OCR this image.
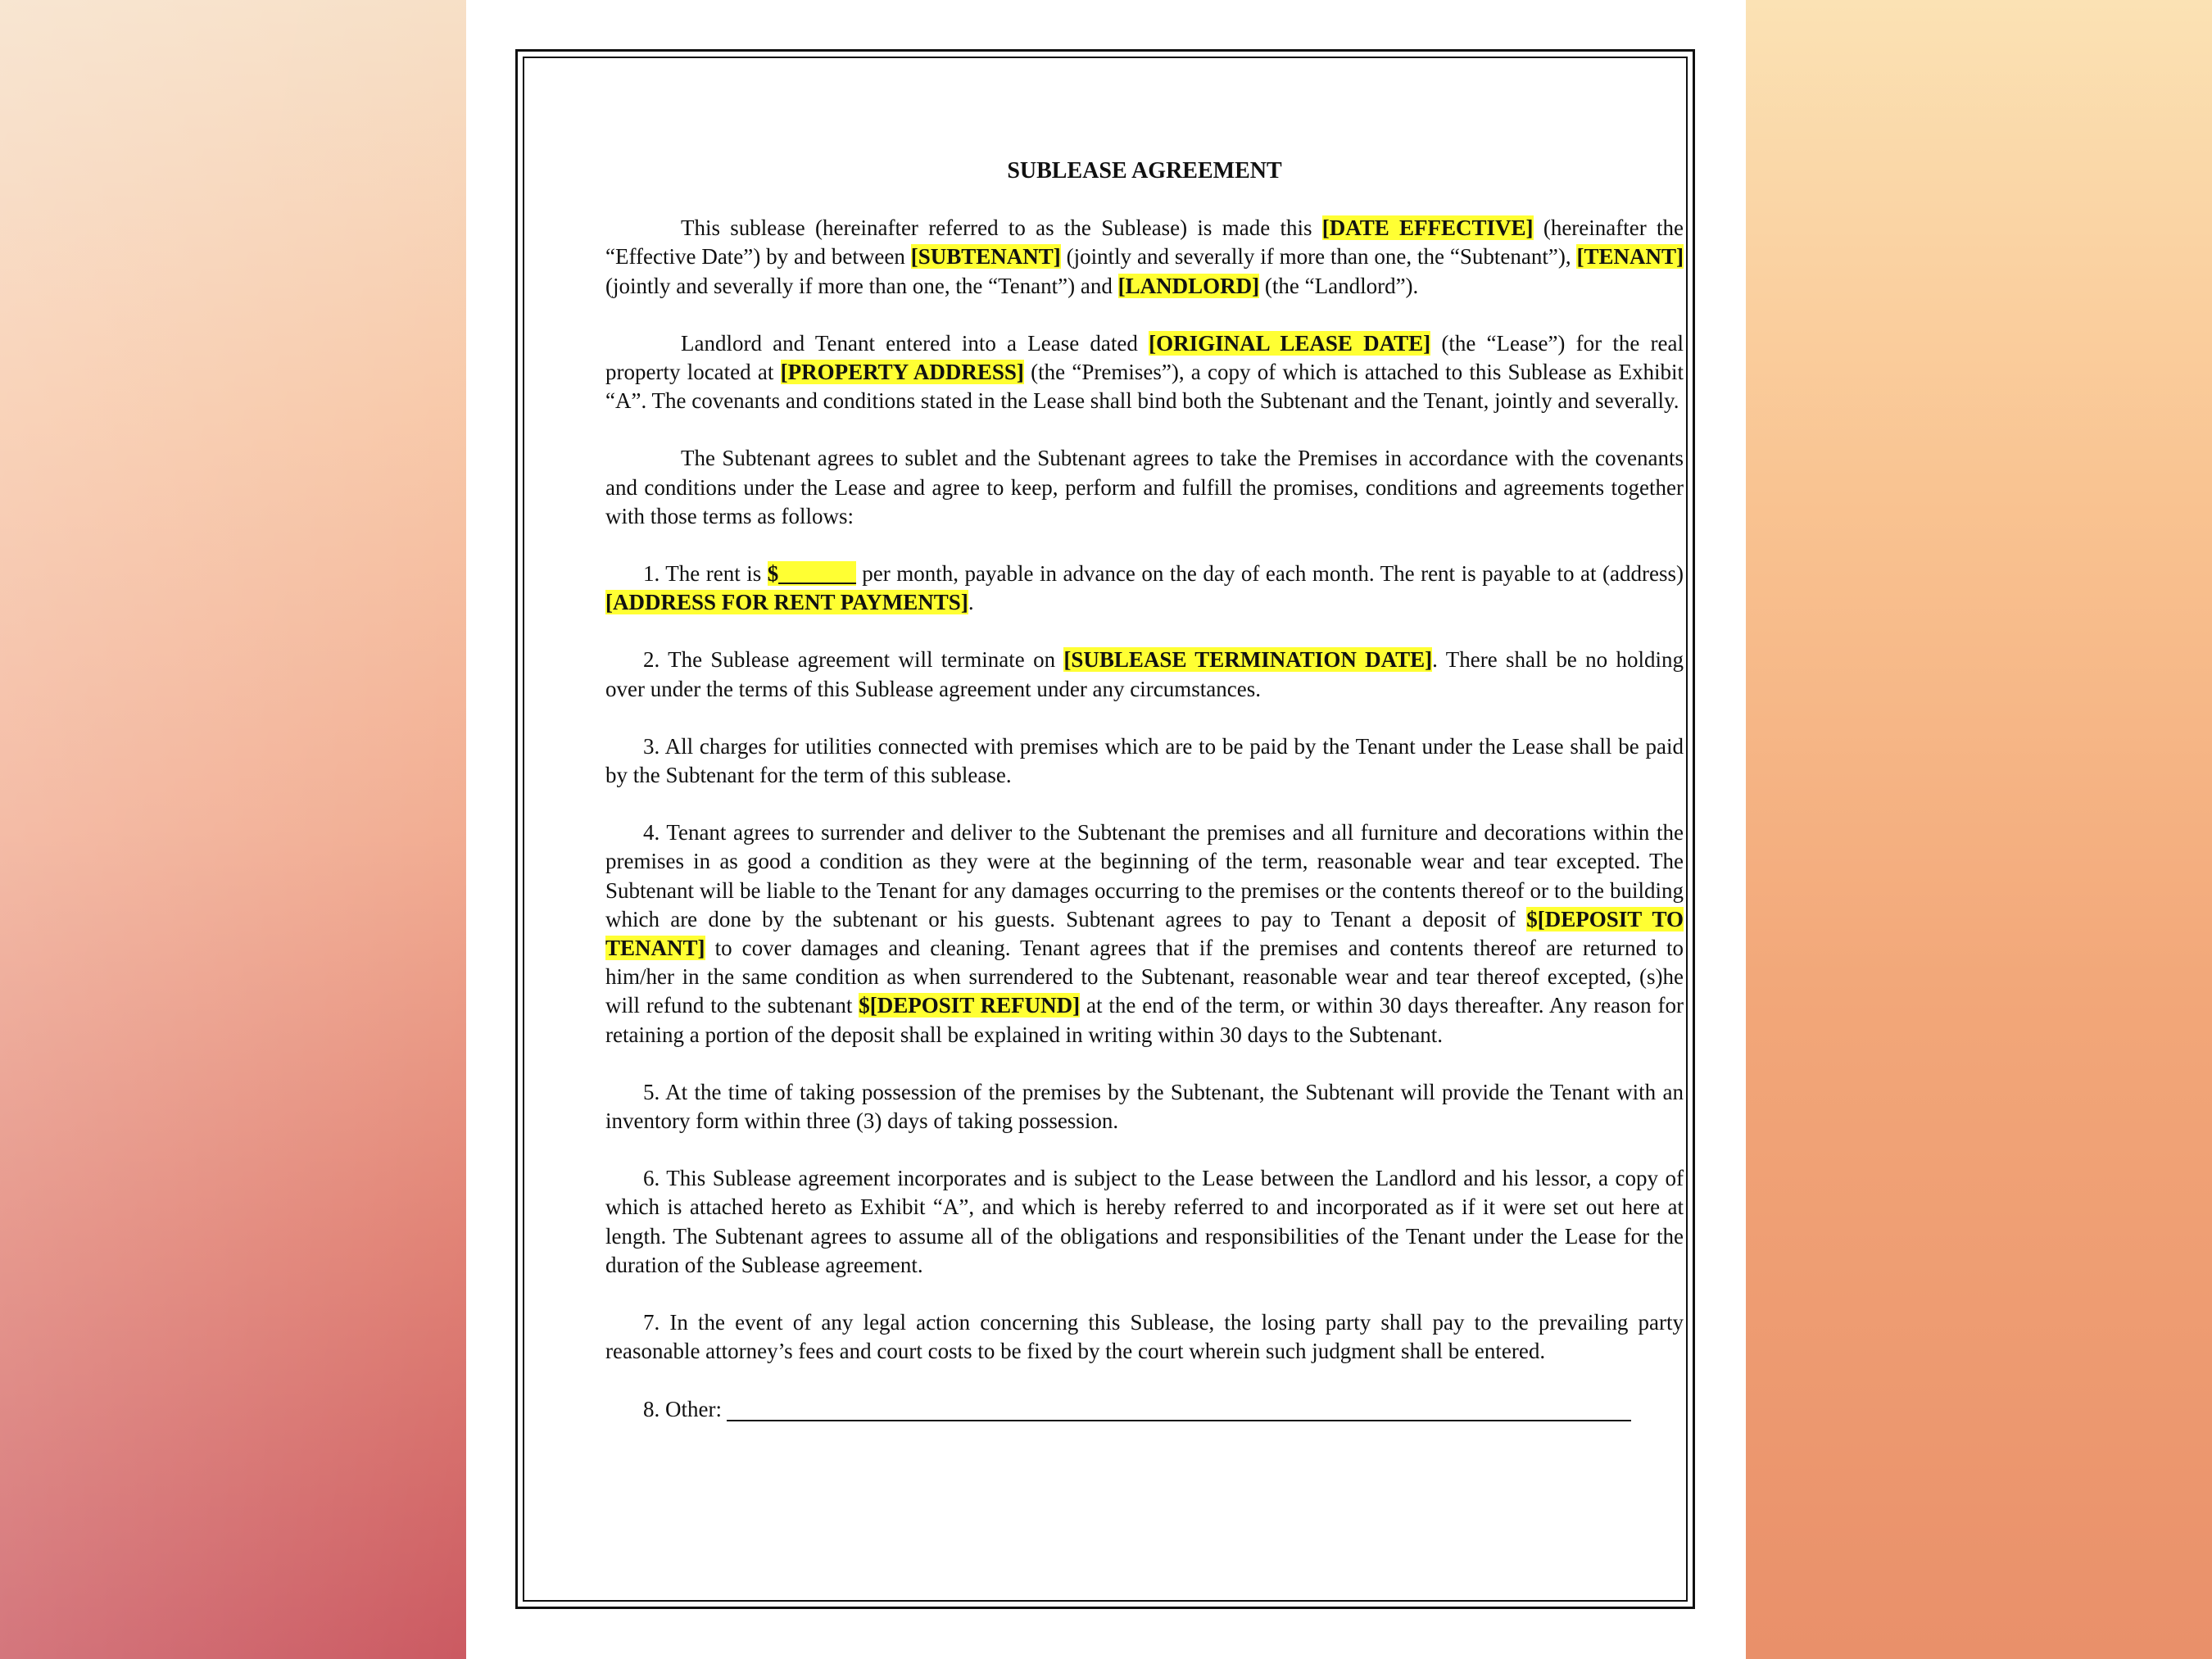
SUBLEASE AGREEMENT

This sublease (hereinafter referred to as the Sublease) is made this [DATE EFFECTIVE] (hereinafter the “Effective Date”) by and between [SUBTENANT] (jointly and severally if more than one, the “Subtenant”), [TENANT] (jointly and severally if more than one, the “Tenant”) and [LANDLORD] (the “Landlord”).

Landlord and Tenant entered into a Lease dated [ORIGINAL LEASE DATE] (the “Lease”) for the real property located at [PROPERTY ADDRESS] (the “Premises”), a copy of which is attached to this Sublease as Exhibit “A”. The covenants and conditions stated in the Lease shall bind both the Subtenant and the Tenant, jointly and severally.

The Subtenant agrees to sublet and the Subtenant agrees to take the Premises in accordance with the covenants and conditions under the Lease and agree to keep, perform and fulfill the promises, conditions and agreements together with those terms as follows:

1. The rent is $_______ per month, payable in advance on the day of each month. The rent is payable to at (address) [ADDRESS FOR RENT PAYMENTS].

2. The Sublease agreement will terminate on [SUBLEASE TERMINATION DATE]. There shall be no holding over under the terms of this Sublease agreement under any circumstances.

3. All charges for utilities connected with premises which are to be paid by the Tenant under the Lease shall be paid by the Subtenant for the term of this sublease.

4. Tenant agrees to surrender and deliver to the Subtenant the premises and all furniture and decorations within the premises in as good a condition as they were at the beginning of the term, reasonable wear and tear excepted. The Subtenant will be liable to the Tenant for any damages occurring to the premises or the contents thereof or to the building which are done by the subtenant or his guests. Subtenant agrees to pay to Tenant a deposit of $[DEPOSIT TO TENANT] to cover damages and cleaning. Tenant agrees that if the premises and contents thereof are returned to him/her in the same condition as when surrendered to the Subtenant, reasonable wear and tear thereof excepted, (s)he will refund to the subtenant $[DEPOSIT REFUND] at the end of the term, or within 30 days thereafter. Any reason for retaining a portion of the deposit shall be explained in writing within 30 days to the Subtenant.

5. At the time of taking possession of the premises by the Subtenant, the Subtenant will provide the Tenant with an inventory form within three (3) days of taking possession.

6. This Sublease agreement incorporates and is subject to the Lease between the Landlord and his lessor, a copy of which is attached hereto as Exhibit “A”, and which is hereby referred to and incorporated as if it were set out here at length. The Subtenant agrees to assume all of the obligations and responsibilities of the Tenant under the Lease for the duration of the Sublease agreement.

7. In the event of any legal action concerning this Sublease, the losing party shall pay to the prevailing party reasonable attorney’s fees and court costs to be fixed by the court wherein such judgment shall be entered.

8. Other:
